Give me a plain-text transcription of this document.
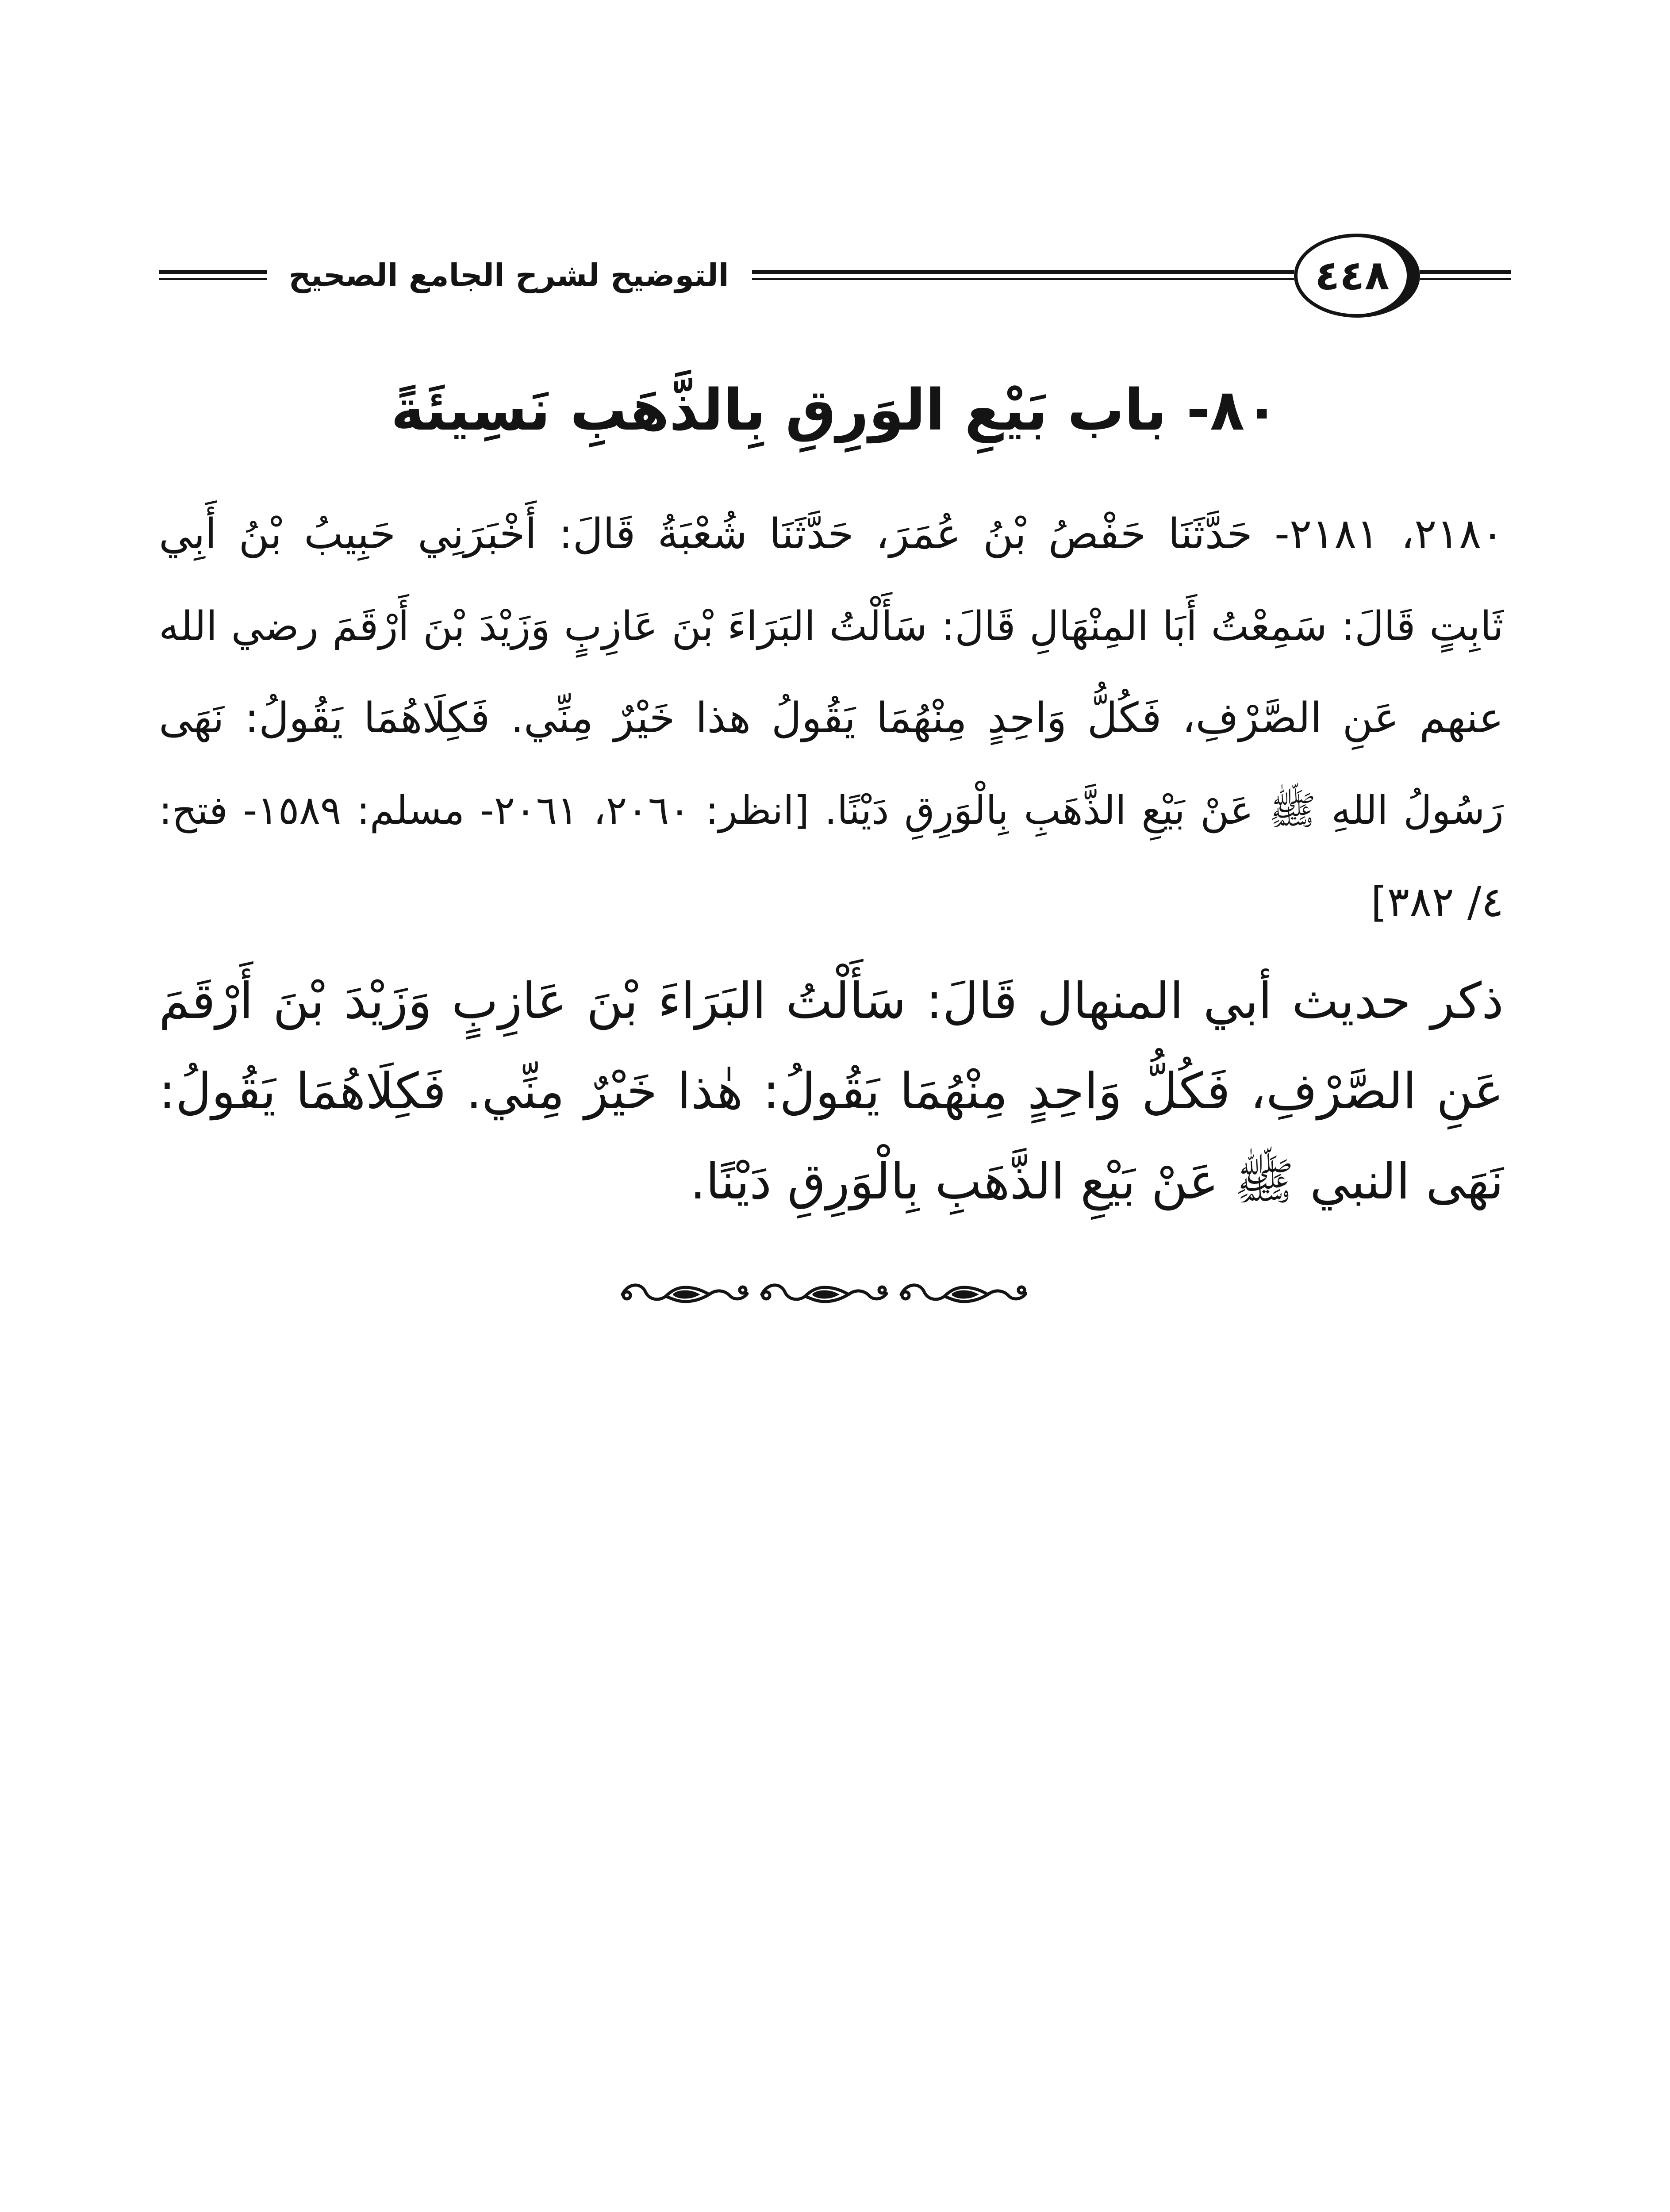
التوضيح لشرح الجامع الصحيح	٤٤٨
٨٠- باب بَيْعِ الوَرِقِ بِالذَّهَبِ نَسِيئَةً
٢١٨٠، ٢١٨١- حَدَّثَنَا حَفْصُ بْنُ عُمَرَ، حَدَّثَنَا شُعْبَةُ قَالَ: أَخْبَرَنِي حَبِيبُ بْنُ أَبِي
ثَابِتٍ قَالَ: سَمِعْتُ أَبَا المِنْهَالِ قَالَ: سَأَلْتُ البَرَاءَ بْنَ عَازِبٍ وَزَيْدَ بْنَ أَرْقَمَ رضي الله
عنهم عَنِ الصَّرْفِ، فَكُلُّ وَاحِدٍ مِنْهُمَا يَقُولُ هذا خَيْرٌ مِنِّي. فَكِلَاهُمَا يَقُولُ: نَهَى
رَسُولُ اللهِ ﷺ عَنْ بَيْعِ الذَّهَبِ بِالْوَرِقِ دَيْنًا. [انظر: ٢٠٦٠، ٢٠٦١- مسلم: ١٥٨٩- فتح:
٤/ ٣٨٢]
ذكر حديث أبي المنهال قَالَ: سَأَلْتُ البَرَاءَ بْنَ عَازِبٍ وَزَيْدَ بْنَ أَرْقَمَ
عَنِ الصَّرْفِ، فَكُلُّ وَاحِدٍ مِنْهُمَا يَقُولُ: هٰذا خَيْرٌ مِنِّي. فَكِلَاهُمَا يَقُولُ:
نَهَى النبي ﷺ عَنْ بَيْعِ الذَّهَبِ بِالْوَرِقِ دَيْنًا.
